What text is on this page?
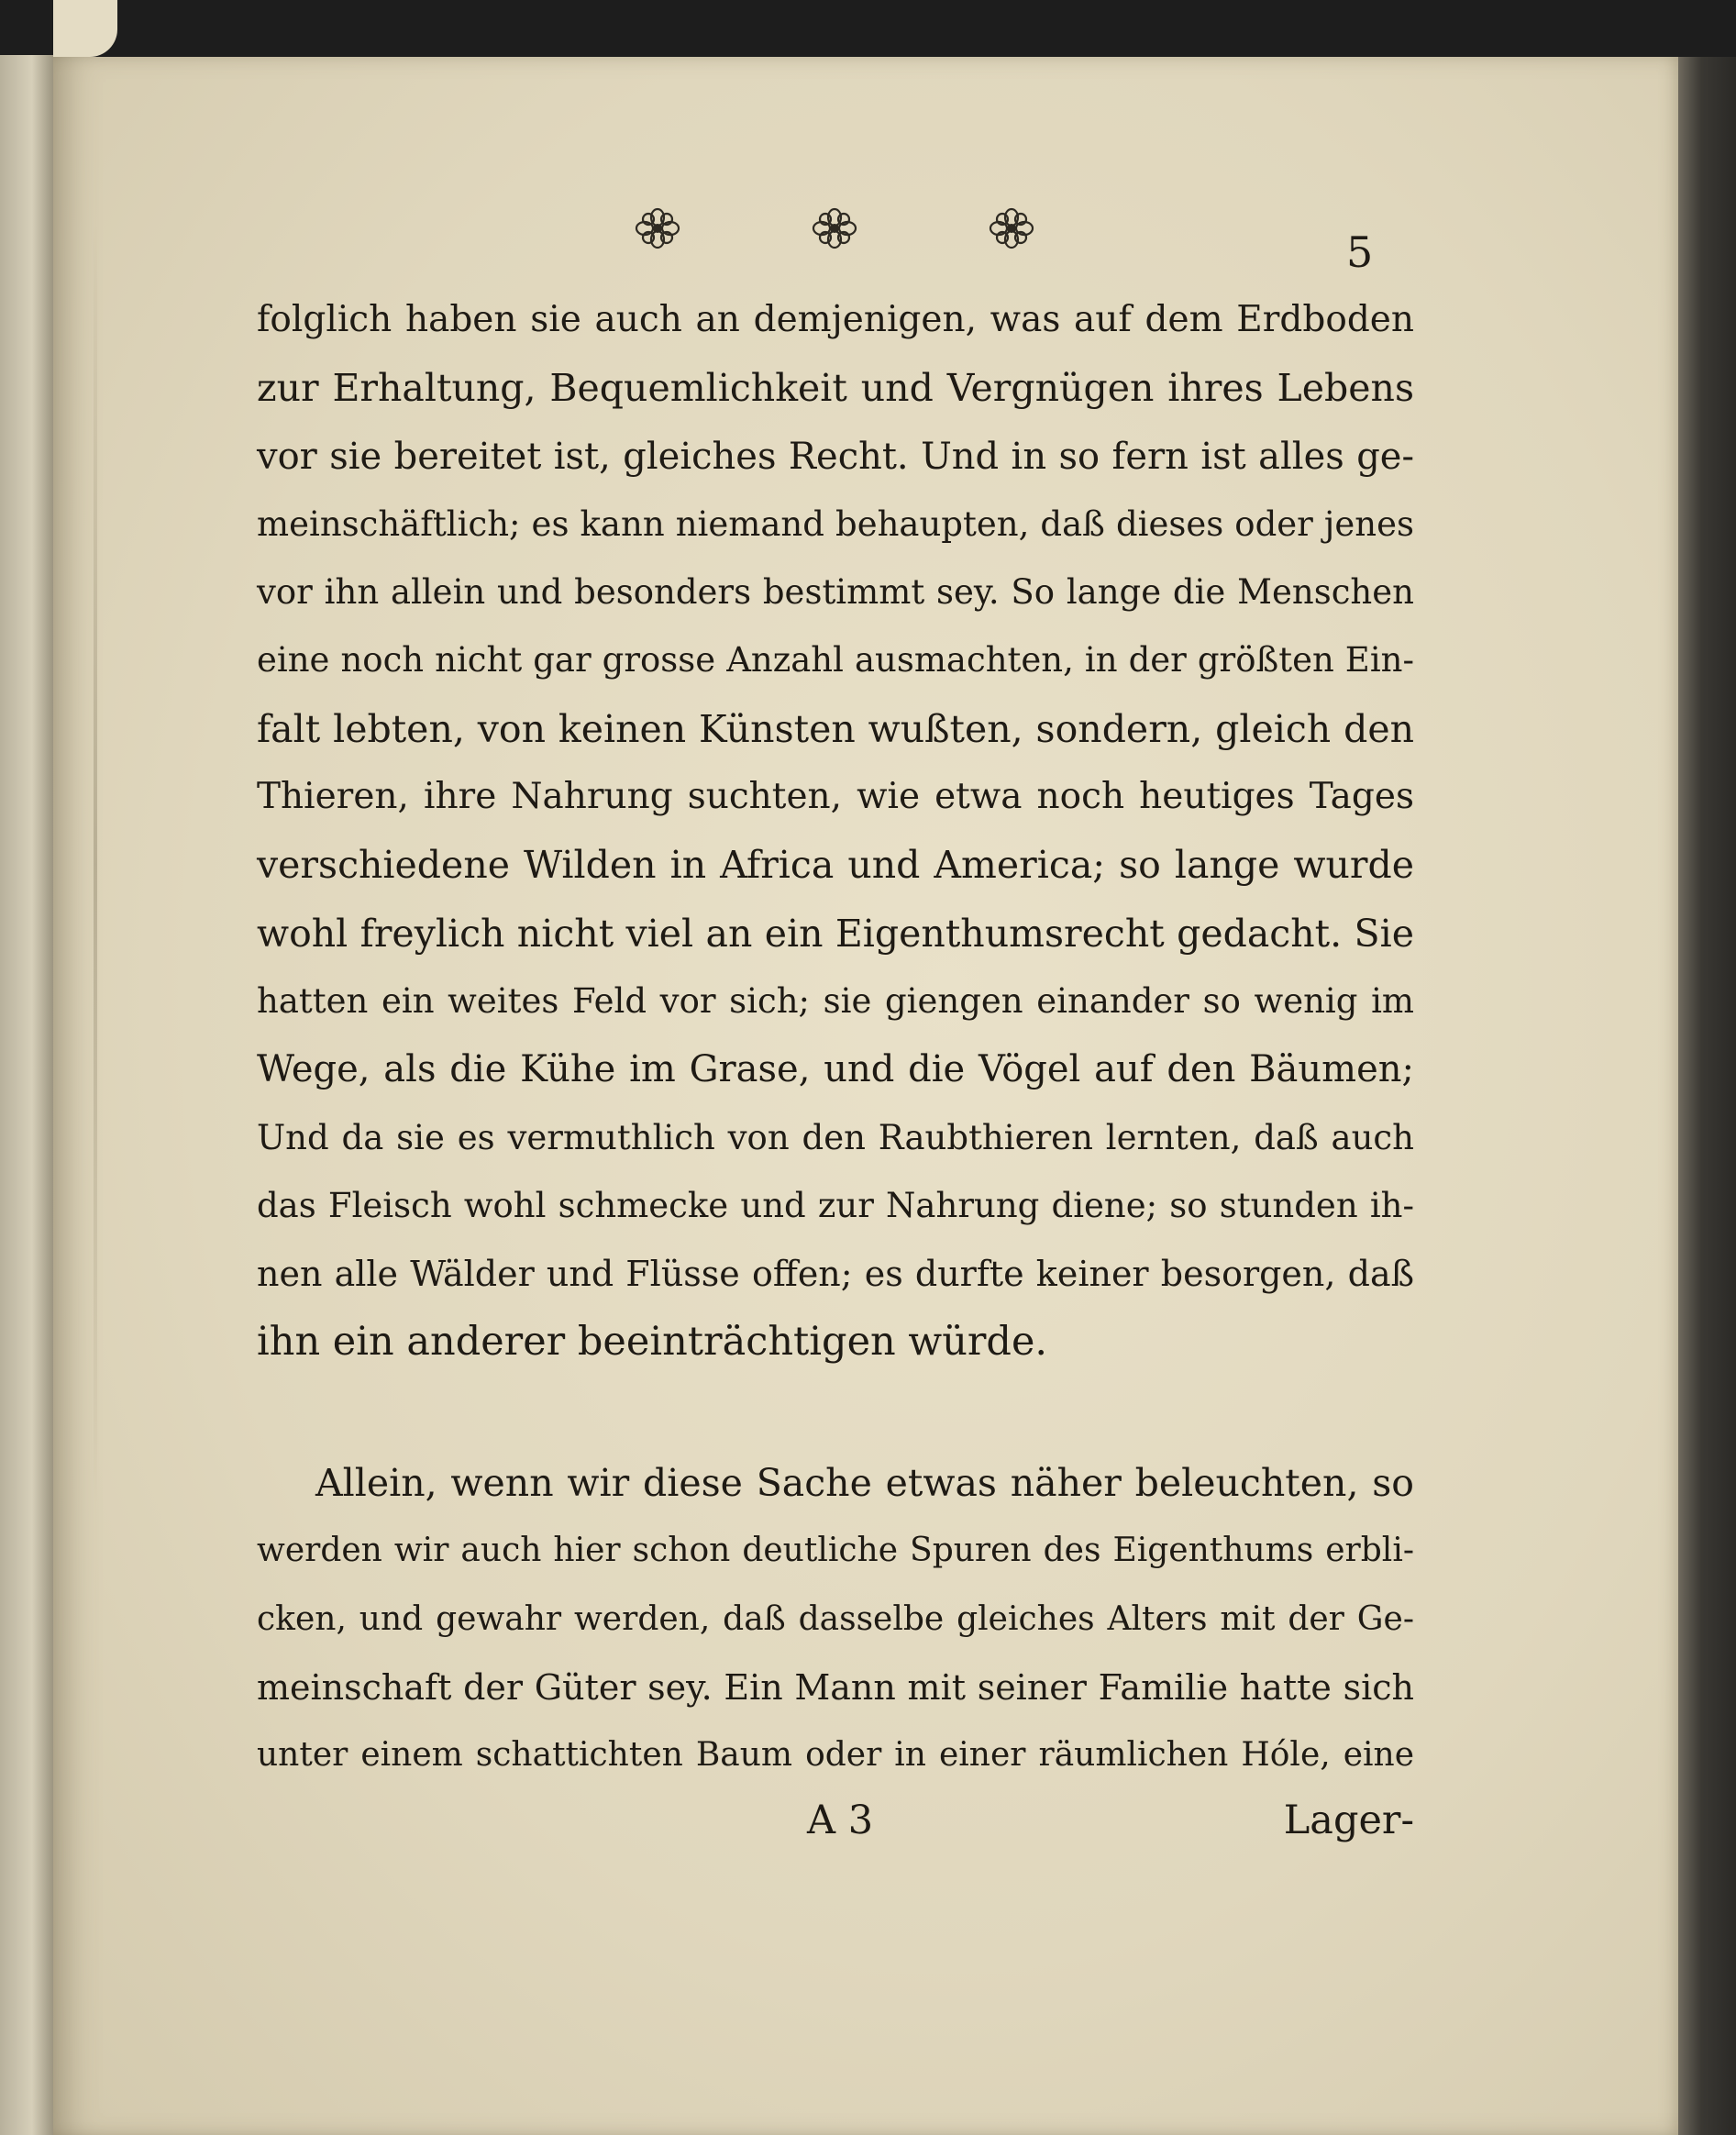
5
folglich haben sie auch an demjenigen, was auf dem Erdboden
zur Erhaltung, Bequemlichkeit und Vergnügen ihres Lebens
vor sie bereitet ist, gleiches Recht. Und in so fern ist alles ge-
meinschäftlich; es kann niemand behaupten, daß dieses oder jenes
vor ihn allein und besonders bestimmt sey. So lange die Menschen
eine noch nicht gar grosse Anzahl ausmachten, in der größten Ein-
falt lebten, von keinen Künsten wußten, sondern, gleich den
Thieren, ihre Nahrung suchten, wie etwa noch heutiges Tages
verschiedene Wilden in Africa und America; so lange wurde
wohl freylich nicht viel an ein Eigenthumsrecht gedacht. Sie
hatten ein weites Feld vor sich; sie giengen einander so wenig im
Wege, als die Kühe im Grase, und die Vögel auf den Bäumen;
Und da sie es vermuthlich von den Raubthieren lernten, daß auch
das Fleisch wohl schmecke und zur Nahrung diene; so stunden ih-
nen alle Wälder und Flüsse offen; es durfte keiner besorgen, daß
ihn ein anderer beeinträchtigen würde.
Allein, wenn wir diese Sache etwas näher beleuchten, so
werden wir auch hier schon deutliche Spuren des Eigenthums erbli-
cken, und gewahr werden, daß dasselbe gleiches Alters mit der Ge-
meinschaft der Güter sey. Ein Mann mit seiner Familie hatte sich
unter einem schattichten Baum oder in einer räumlichen Hóle, eine
A 3	Lager-
